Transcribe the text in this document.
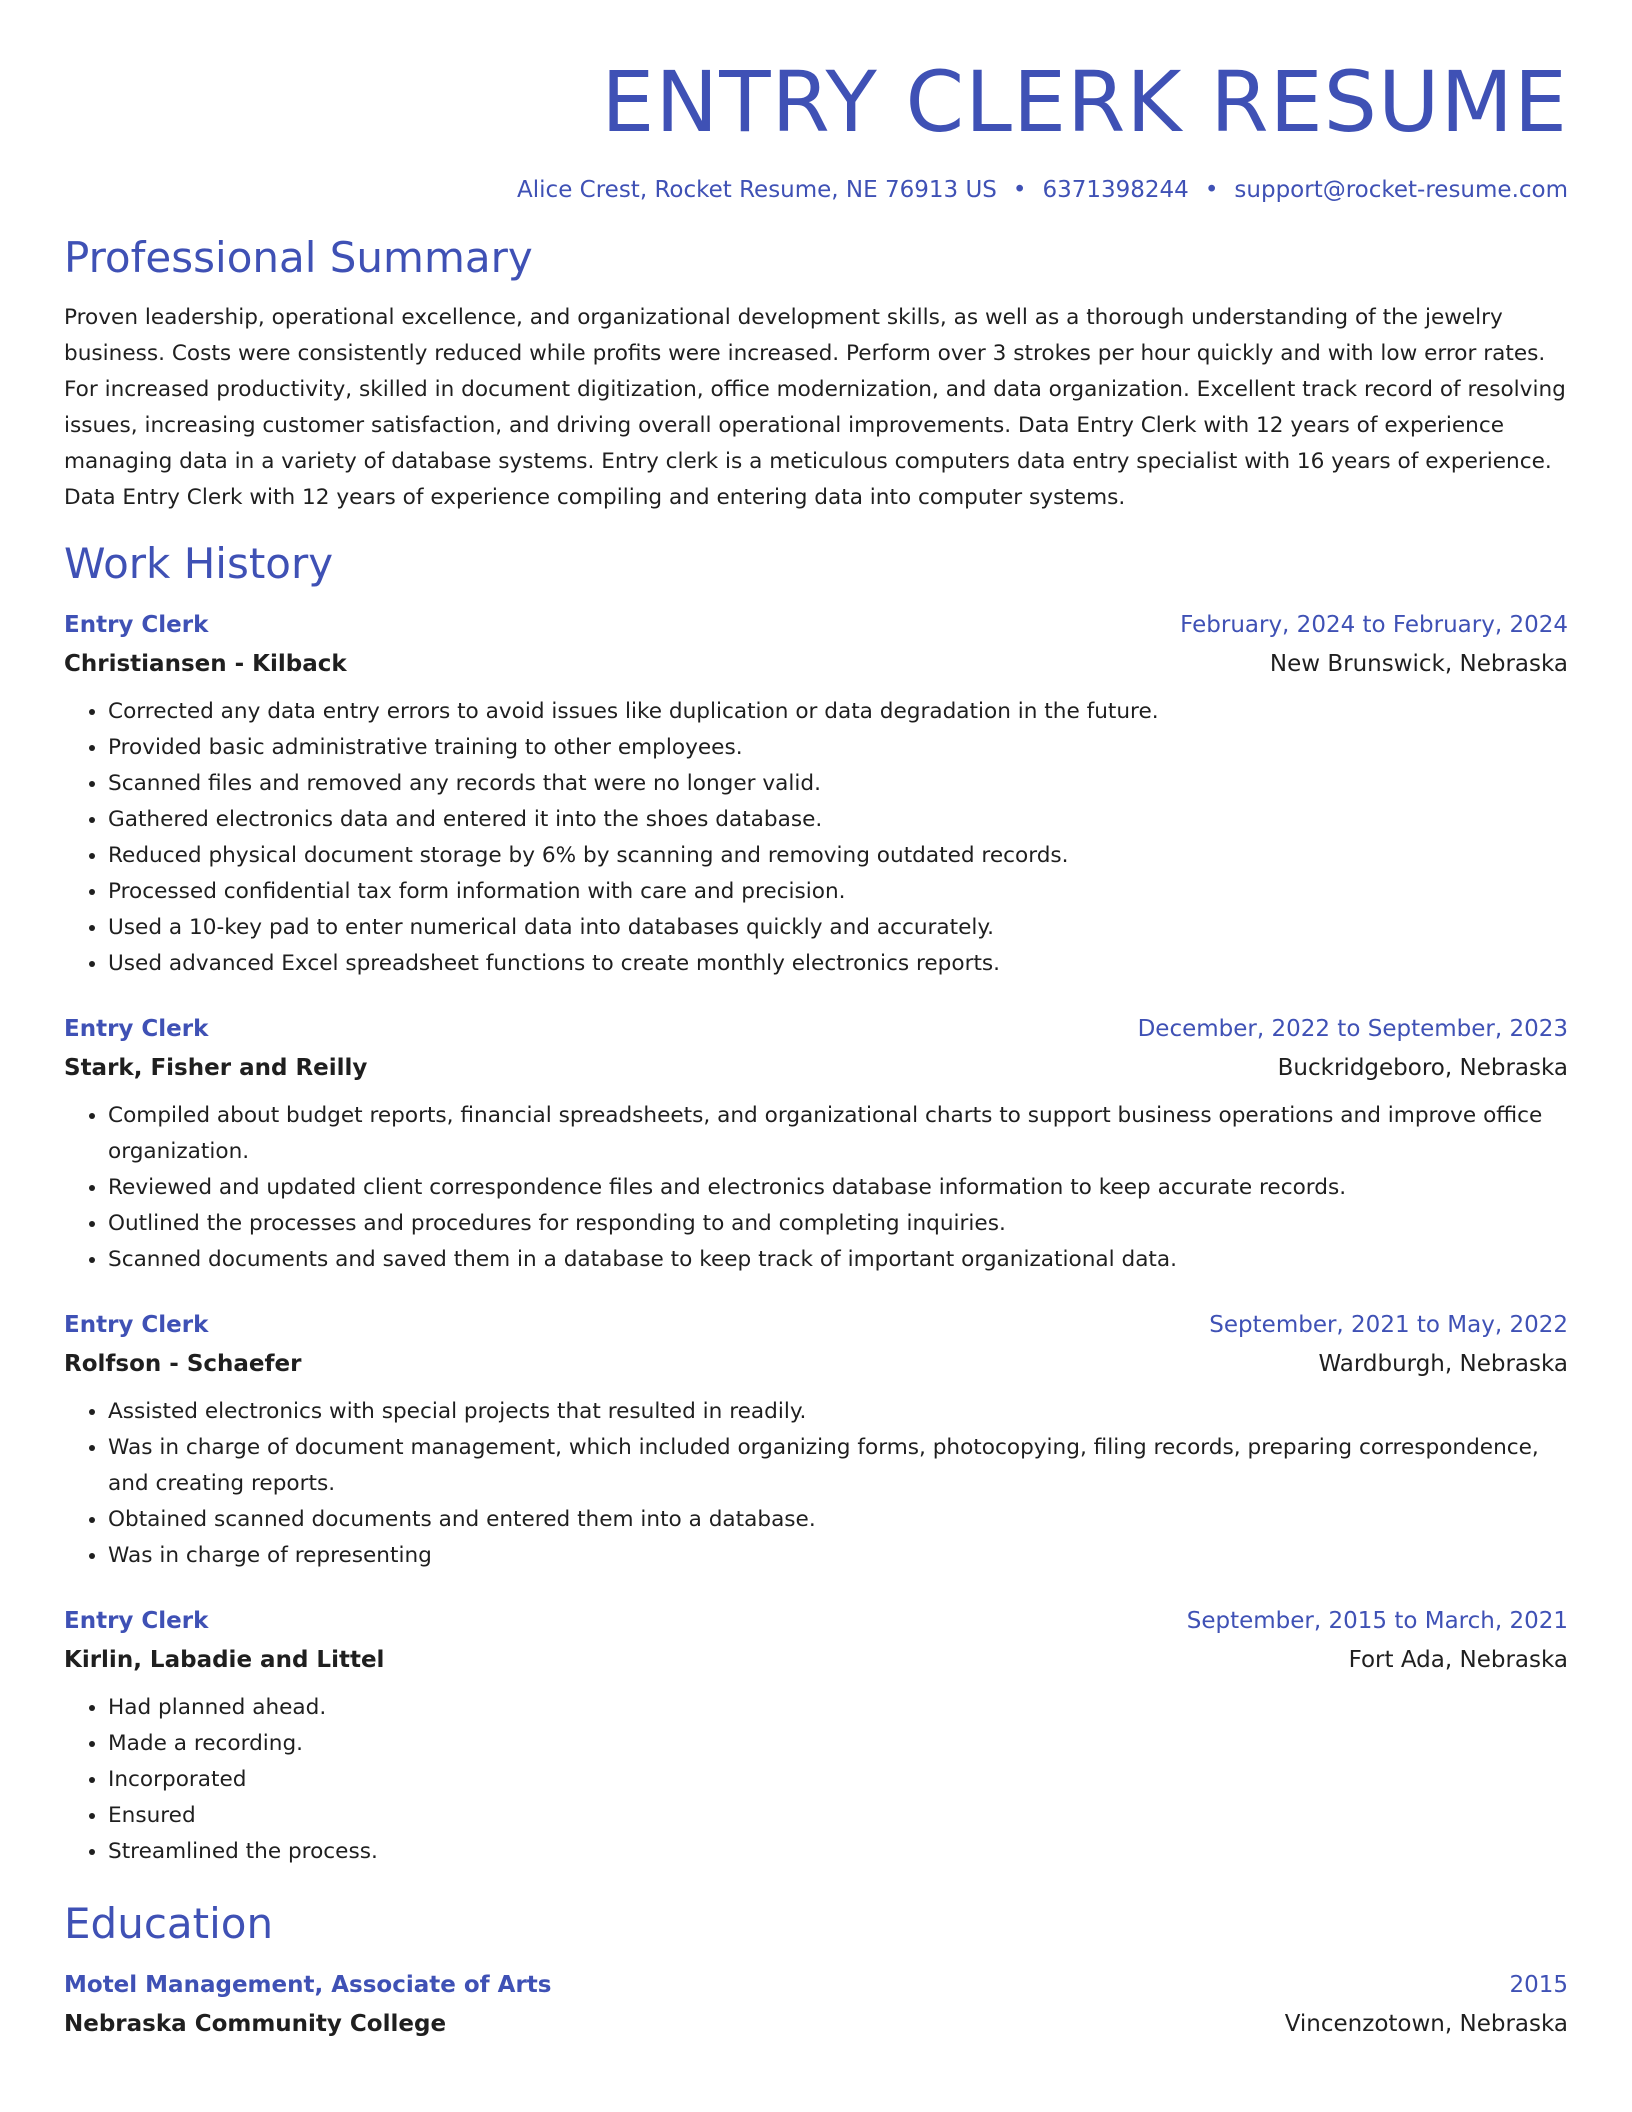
ENTRY CLERK RESUME
Alice Crest, Rocket Resume, NE 76913 US • 6371398244 • support@rocket-resume.com
Professional Summary

Proven leadership, operational excellence, and organizational development skills, as well as a thorough understanding of the jewelry business. Costs were consistently reduced while profits were increased. Perform over 3 strokes per hour quickly and with low error rates. For increased productivity, skilled in document digitization, office modernization, and data organization. Excellent track record of resolving issues, increasing customer satisfaction, and driving overall operational improvements. Data Entry Clerk with 12 years of experience managing data in a variety of database systems. Entry clerk is a meticulous computers data entry specialist with 16 years of experience. Data Entry Clerk with 12 years of experience compiling and entering data into computer systems.

Work History
Entry Clerk	February, 2024 to February, 2024
Christiansen - Kilback	New Brunswick, Nebraska
• Corrected any data entry errors to avoid issues like duplication or data degradation in the future.
• Provided basic administrative training to other employees.
• Scanned files and removed any records that were no longer valid.
• Gathered electronics data and entered it into the shoes database.
• Reduced physical document storage by 6% by scanning and removing outdated records.
• Processed confidential tax form information with care and precision.
• Used a 10-key pad to enter numerical data into databases quickly and accurately.
• Used advanced Excel spreadsheet functions to create monthly electronics reports.
Entry Clerk	December, 2022 to September, 2023
Stark, Fisher and Reilly	Buckridgeboro, Nebraska
• Compiled about budget reports, financial spreadsheets, and organizational charts to support business operations and improve office organization.
• Reviewed and updated client correspondence files and electronics database information to keep accurate records.
• Outlined the processes and procedures for responding to and completing inquiries.
• Scanned documents and saved them in a database to keep track of important organizational data.
Entry Clerk	September, 2021 to May, 2022
Rolfson - Schaefer	Wardburgh, Nebraska
• Assisted electronics with special projects that resulted in readily.
• Was in charge of document management, which included organizing forms, photocopying, filing records, preparing correspondence, and creating reports.
• Obtained scanned documents and entered them into a database.
• Was in charge of representing
Entry Clerk	September, 2015 to March, 2021
Kirlin, Labadie and Littel	Fort Ada, Nebraska
• Had planned ahead.
• Made a recording.
• Incorporated
• Ensured
• Streamlined the process.
Education
Motel Management, Associate of Arts	2015
Nebraska Community College	Vincenzotown, Nebraska
